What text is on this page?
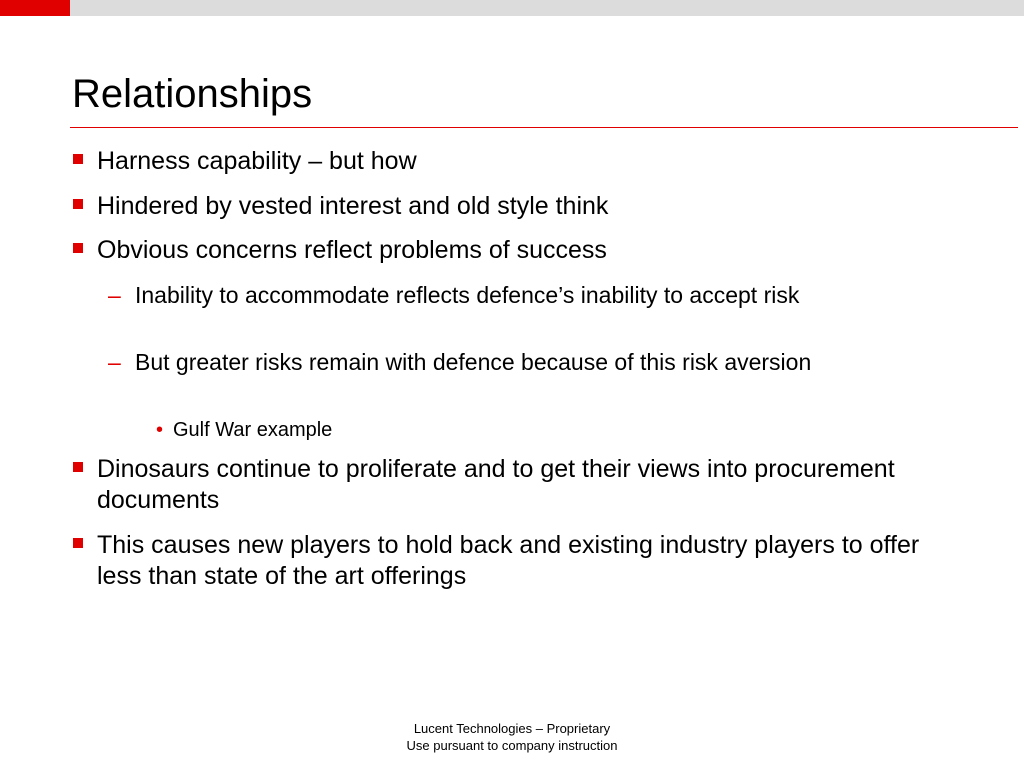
Relationships
Harness capability – but how
Hindered by vested interest and old style think
Obvious concerns reflect problems of success
– Inability to accommodate reflects defence’s inability to accept risk
– But greater risks remain with defence because of this risk aversion
• Gulf War example
Dinosaurs continue to proliferate and to get their views into procurement documents
This causes new players to hold back and existing industry players to offer less than state of the art offerings
Lucent Technologies – Proprietary
Use pursuant to company instruction
